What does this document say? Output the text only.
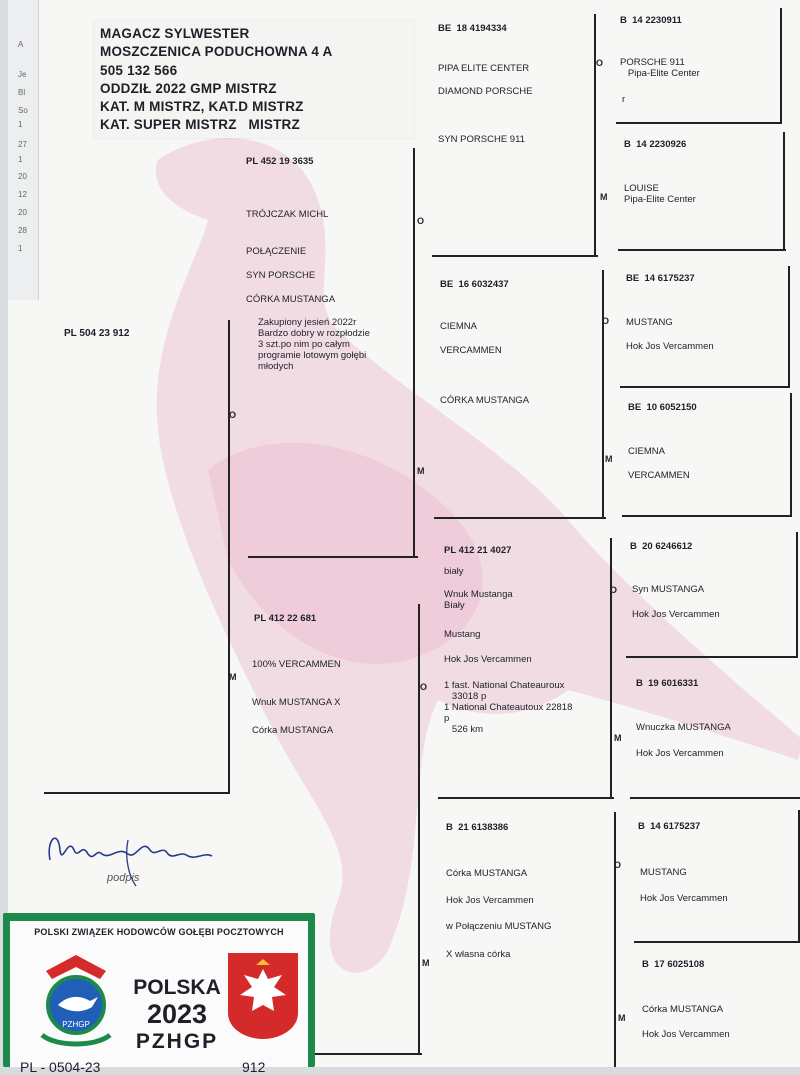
A
Je
Bl
So
1
27
1
20
12
20
28
1
MAGACZ SYLWESTER
MOSZCZENICA PODUCHOWNA 4 A
505 132 566
ODDZIŁ 2022 GMP MISTRZ
KAT. M MISTRZ, KAT.D MISTRZ
KAT. SUPER MISTRZ   MISTRZ
PL 504 23 912
O
M
PL 452 19 3635
TRÓJCZAK MICHL
POŁĄCZENIE
SYN PORSCHE
CÓRKA MUSTANGA
Zakupiony jesień 2022r
Bardzo dobry w rozpłodzie
3 szt.po nim po całym
programie lotowym gołębi
młodych
O
M
PL 412 22 681
100% VERCAMMEN
Wnuk MUSTANGA X
Córka MUSTANGA
O
M
BE  18 4194334
PIPA ELITE CENTER
DIAMOND PORSCHE
SYN PORSCHE 911
O
M
BE  16 6032437
CIEMNA
VERCAMMEN
CÓRKA MUSTANGA
O
M
PL 412 21 4027
biały
Wnuk Mustanga
Biały
Mustang
Hok Jos Vercammen
1 fast. National Chateauroux
33018 p
1 National Chateautoux 22818
p
526 km
O
M
B  21 6138386
Córka MUSTANGA
Hok Jos Vercammen
w Połączeniu MUSTANG
X własna córka
O
M
B  14 2230911
PORSCHE 911
Pipa-Elite Center
r
B  14 2230926
LOUISE
Pipa-Elite Center
BE  14 6175237
MUSTANG
Hok Jos Vercammen
BE  10 6052150
CIEMNA
VERCAMMEN
B  20 6246612
Syn MUSTANGA
Hok Jos Vercammen
B  19 6016331
Wnuczka MUSTANGA
Hok Jos Vercammen
B  14 6175237
MUSTANG
Hok Jos Vercammen
B  17 6025108
Córka MUSTANGA
Hok Jos Vercammen
podpis
POLSKI ZWIĄZEK HODOWCÓW GOŁĘBI POCZTOWYCH
PZHGP
POLSKA
2023
PZHGP
PL - 0504-23	912
